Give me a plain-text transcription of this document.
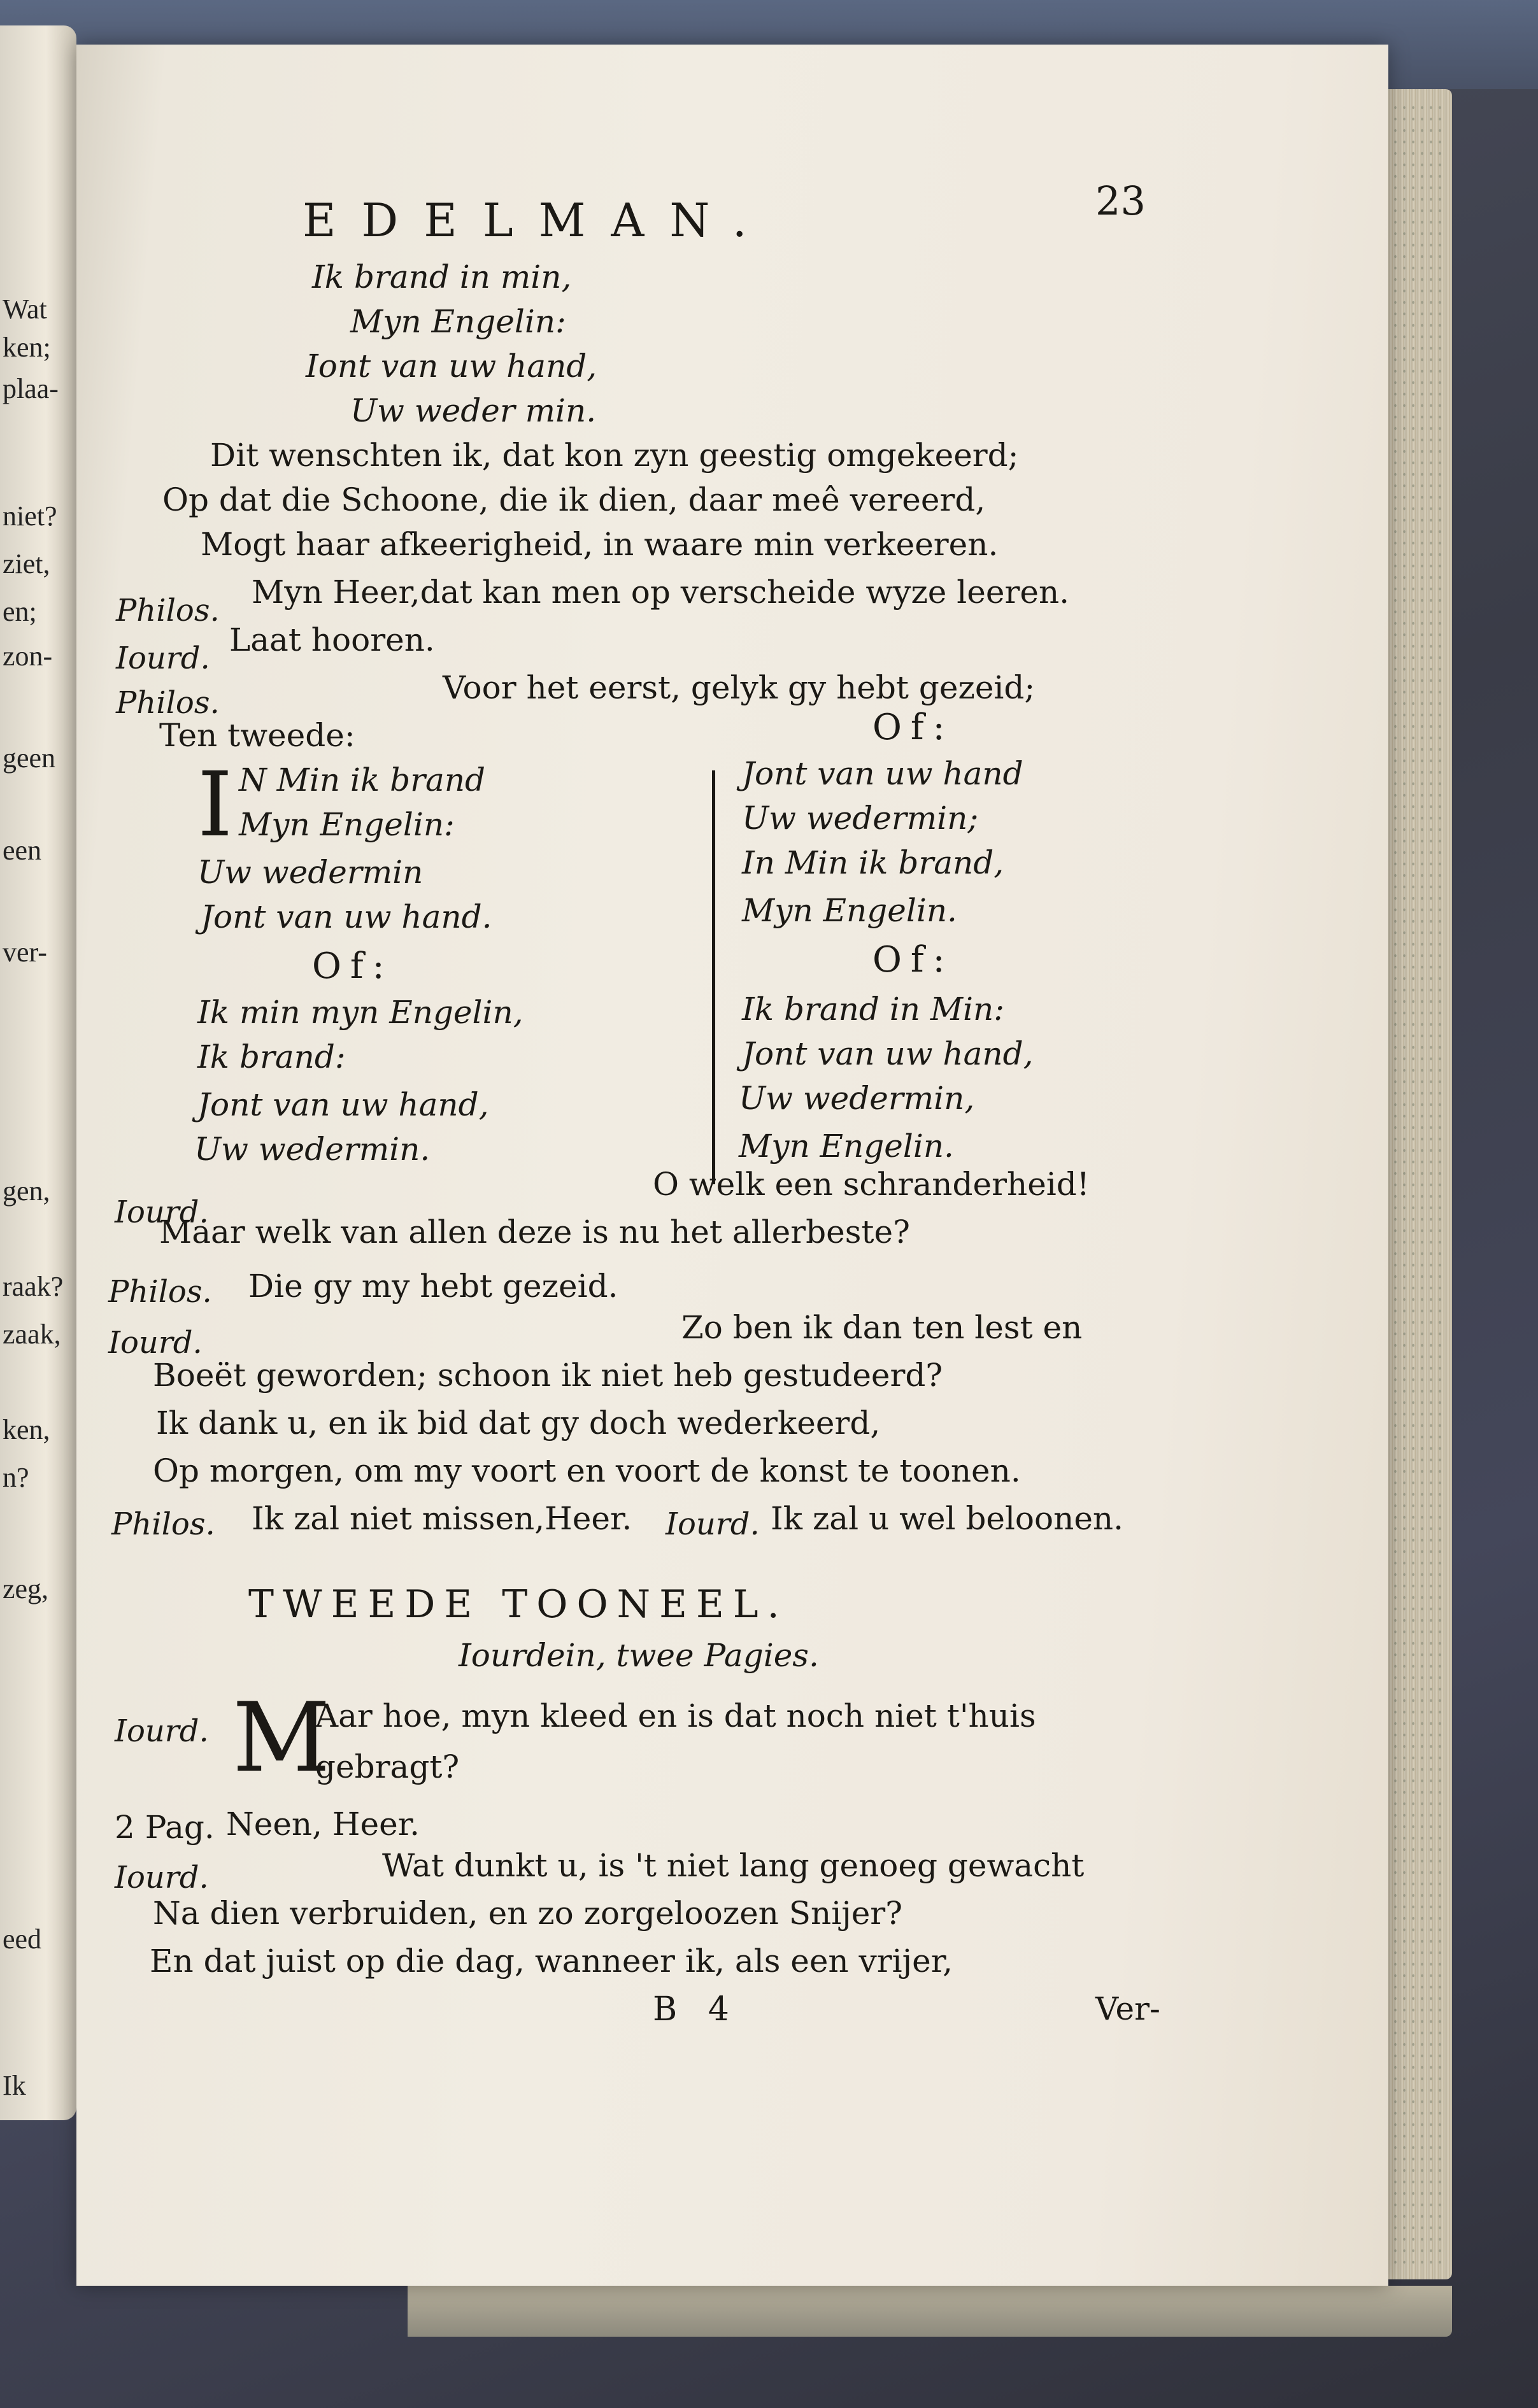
Wat
ken;
plaa-
niet?
ziet,
en;
zon-
geen
een
ver-
gen,
raak?
zaak,
ken,
n?
zeg,
eed
Ik
EDELMAN.	23
Ik brand in min,
Myn Engelin:
Iont van uw hand,
Uw weder min.
Dit wenschten ik, dat kon zyn geestig omgekeerd;
Op dat die Schoone, die ik dien, daar meê vereerd,
Mogt haar afkeerigheid, in waare min verkeeren.
Philos. Myn Heer,dat kan men op verscheide wyze leeren.
Iourd. Laat hooren.
Philos.	Voor het eerst, gelyk gy hebt gezeid;
Ten tweede:
I N Min ik brand
Myn Engelin:
Uw wedermin
Jont van uw hand.
Of:
Ik min myn Engelin,
Ik brand:
Jont van uw hand,
Uw wedermin.
Of:
Jont van uw hand
Uw wedermin;
In Min ik brand,
Myn Engelin.
Of:
Ik brand in Min:
Jont van uw hand,
Uw wedermin,
Myn Engelin.
Iourd.
O welk een schranderheid!
Maar welk van allen deze is nu het allerbeste?
Philos. Die gy my hebt gezeid.
Iourd.	Zo ben ik dan ten lest en
Boeët geworden; schoon ik niet heb gestudeerd?
Ik dank u, en ik bid dat gy doch wederkeerd,
Op morgen, om my voort en voort de konst te toonen.
Philos. Ik zal niet missen,Heer. Iourd. Ik zal u wel beloonen.
TWEEDE TOONEEL.
Iourdein, twee Pagies.
Iourd. M
Aar hoe, myn kleed en is dat noch niet t'huis
gebragt?
2 Pag. Neen, Heer.
Iourd.	Wat dunkt u, is 't niet lang genoeg gewacht
Na dien verbruiden, en zo zorgeloozen Snijer?
En dat juist op die dag, wanneer ik, als een vrijer,
B 4	Ver-
